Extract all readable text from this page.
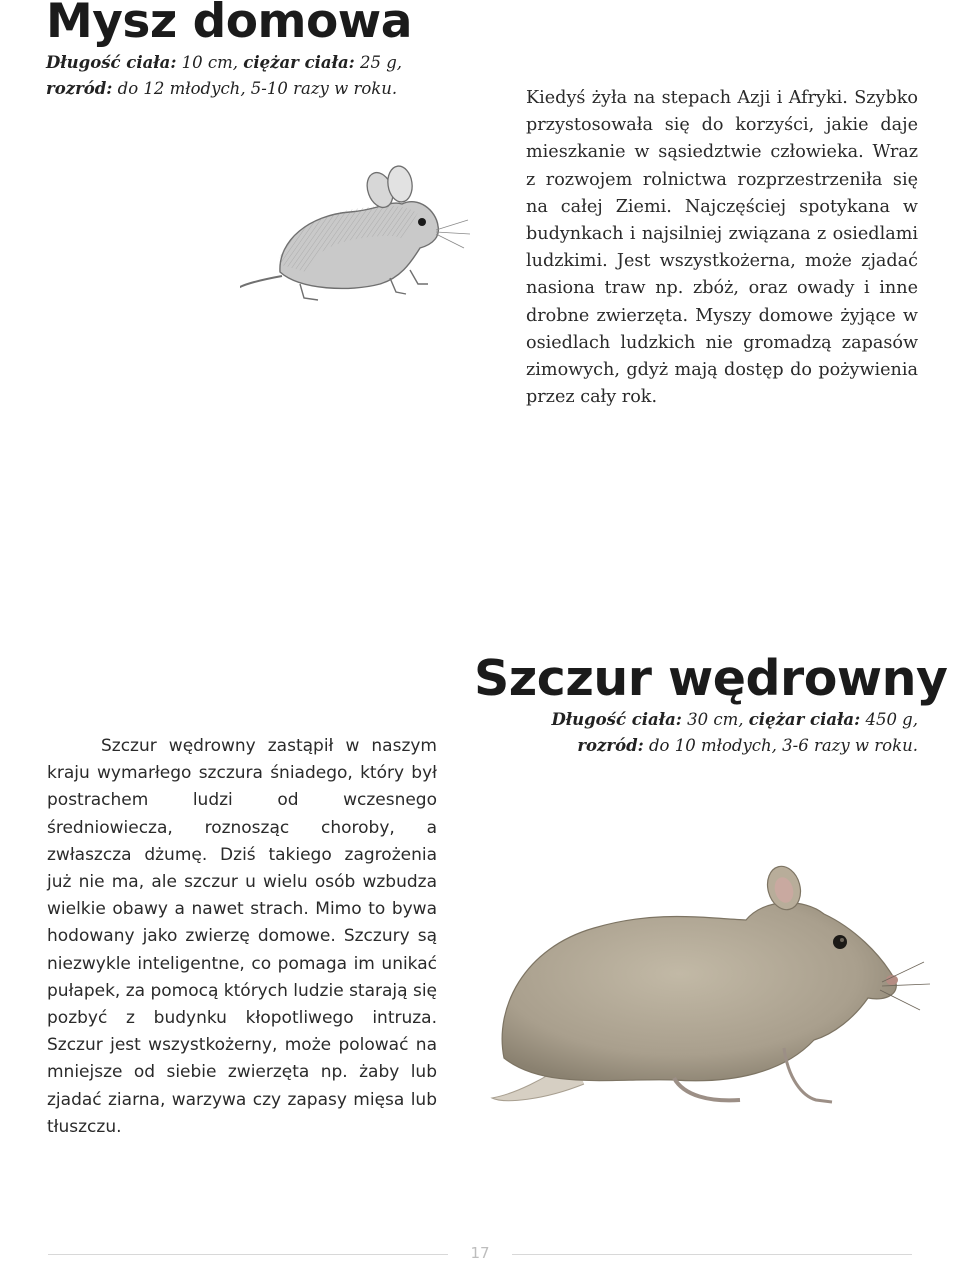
Mysz domowa
Długość ciała: 10 cm, ciężar ciała: 25 g,
rozród: do 12 młodych, 5-10 razy w roku.	Kiedyś żyła na stepach Azji i Afryki. Szybko przystosowała się do korzyści, jakie daje mieszkanie w sąsiedztwie człowieka. Wraz z rozwojem rolnictwa rozprzestrzeniła się na całej Ziemi. Najczęściej spotykana w budynkach i najsilniej związana z osiedlami ludzkimi. Jest wszystkożerna, może zjadać nasiona traw np. zbóż, oraz owady i inne drobne zwierzęta. Myszy domowe żyjące w osiedlach ludzkich nie gromadzą zapasów zimowych, gdyż mają dostęp do pożywienia przez cały rok.

Szczur wędrowny
Długość ciała: 30 cm, ciężar ciała: 450 g,
rozród: do 10 młodych, 3-6 razy w roku.

Szczur wędrowny zastąpił w naszym kraju wymarłego szczura śniadego, który był postrachem ludzi od wczesnego średniowiecza, roznosząc choroby, a zwłaszcza dżumę. Dziś takiego zagrożenia już nie ma, ale szczur u wielu osób wzbudza wielkie obawy a nawet strach. Mimo to bywa hodowany jako zwierzę domowe. Szczury są niezwykle inteligentne, co pomaga im unikać pułapek, za pomocą których ludzie starają się pozbyć z budynku kłopotliwego intruza. Szczur jest wszystkożerny, może polować na mniejsze od siebie zwierzęta np. żaby lub zjadać ziarna, warzywa czy zapasy mięsa lub tłuszczu.

17
